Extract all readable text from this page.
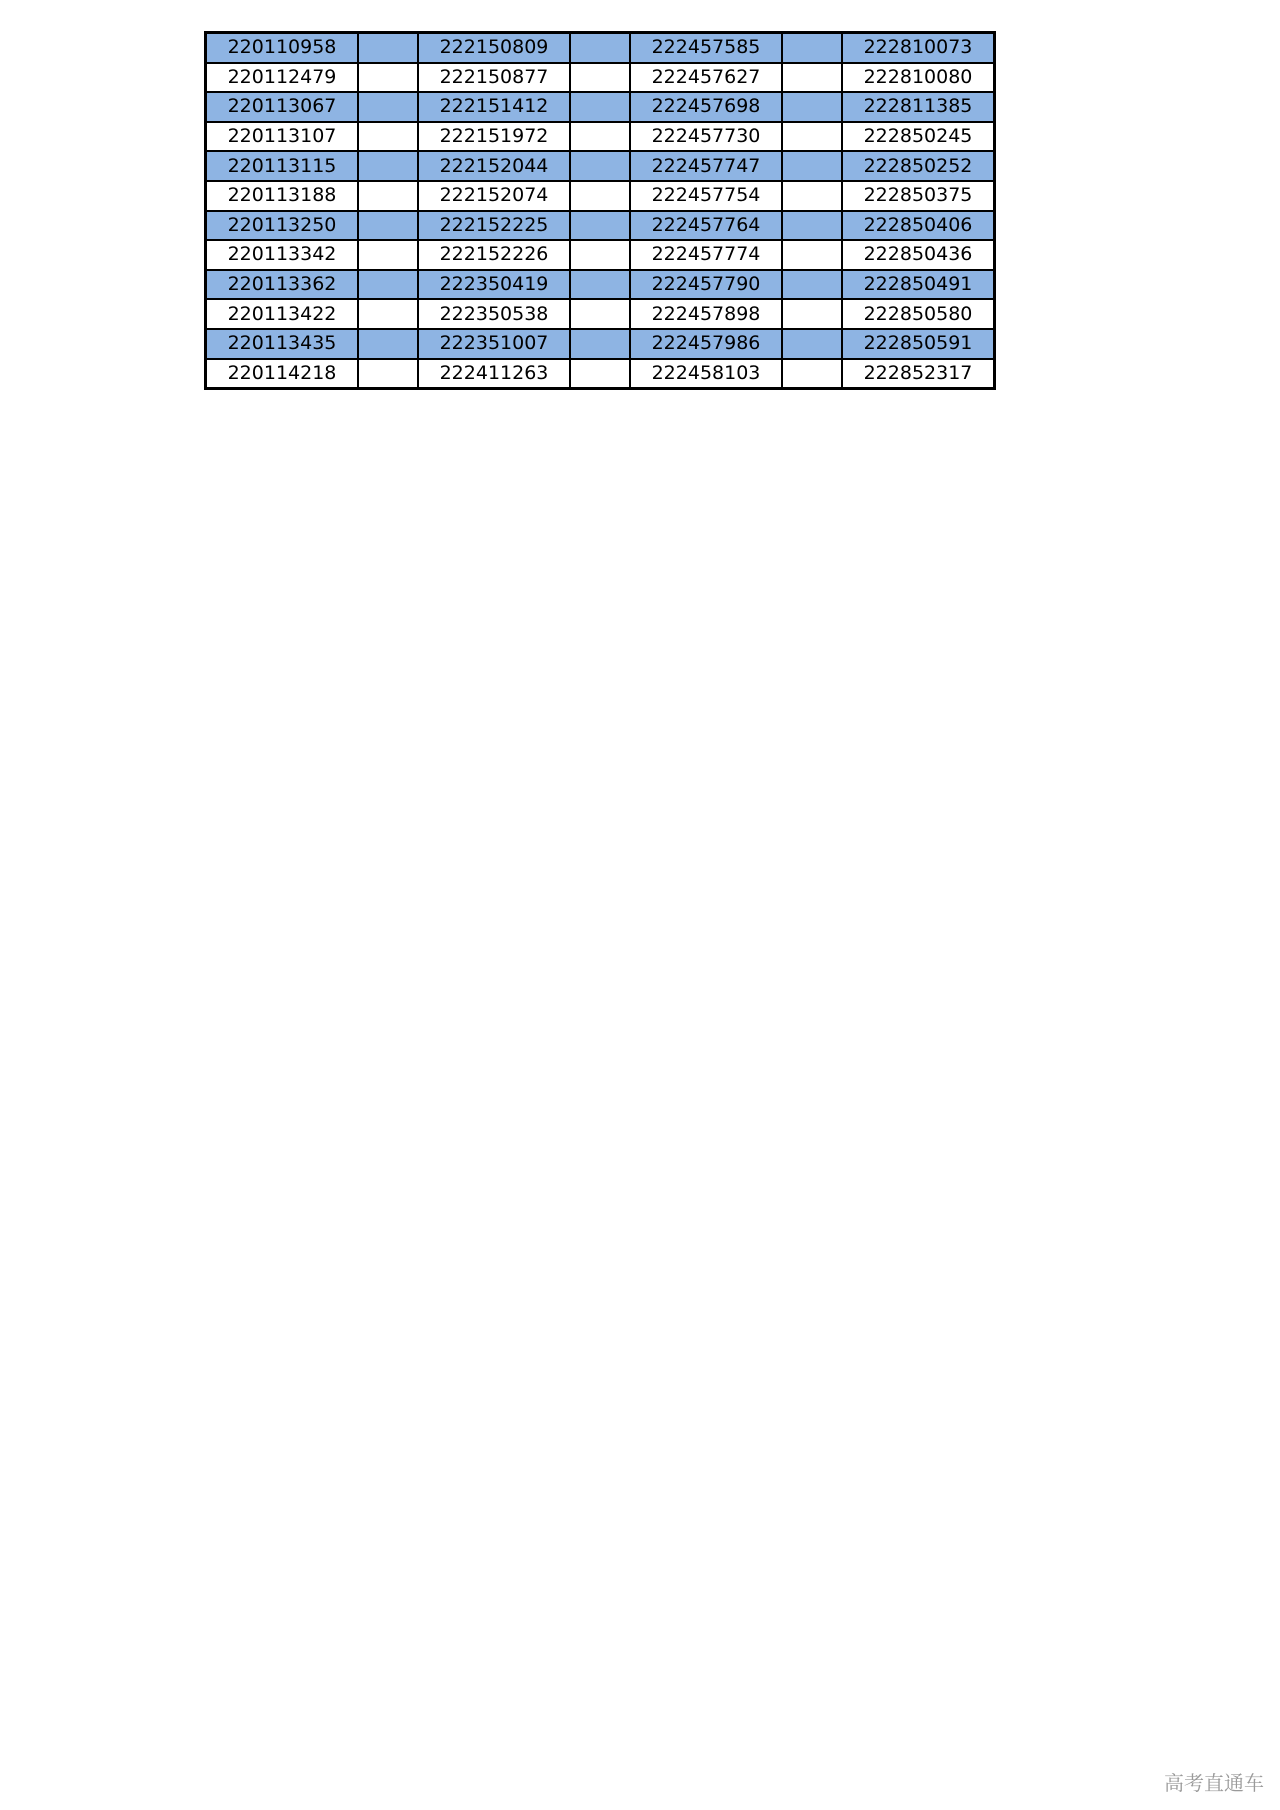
220110958		222150809		222457585		222810073
220112479		222150877		222457627		222810080
220113067		222151412		222457698		222811385
220113107		222151972		222457730		222850245
220113115		222152044		222457747		222850252
220113188		222152074		222457754		222850375
220113250		222152225		222457764		222850406
220113342		222152226		222457774		222850436
220113362		222350419		222457790		222850491
220113422		222350538		222457898		222850580
220113435		222351007		222457986		222850591
220114218		222411263		222458103		222852317
高考直通车
